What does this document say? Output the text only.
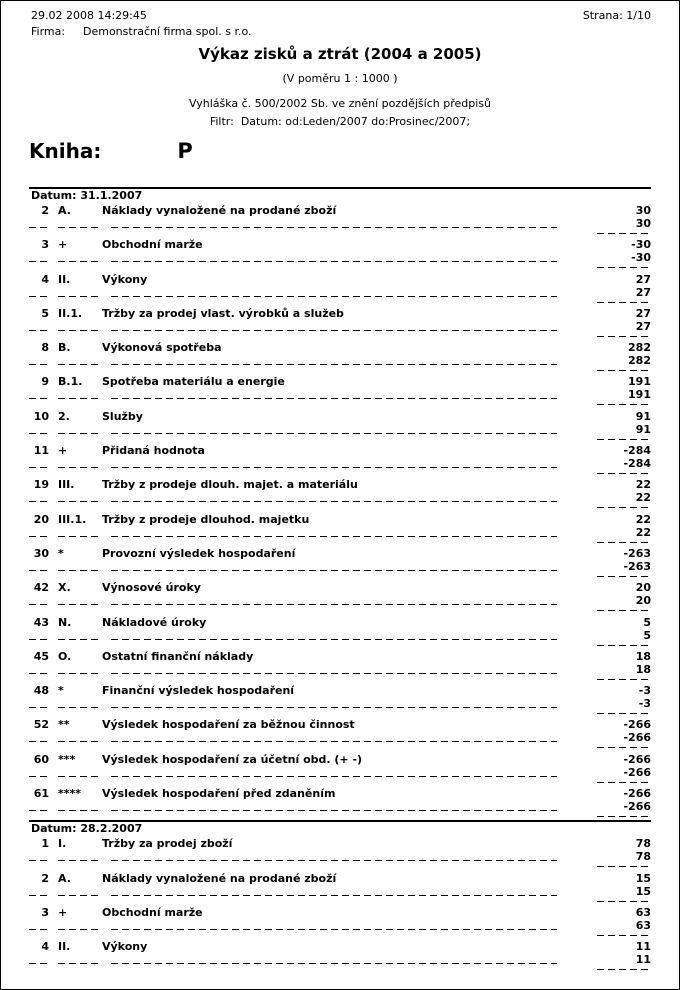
29.02 2008 14:29:45	Strana: 1/10
Firma:	Demonstrační firma spol. s r.o.
Výkaz zisků a ztrát (2004 a 2005)
(V poměru 1 : 1000 )
Vyhláška č. 500/2002 Sb. ve znění pozdějších předpisů
Filtr:  Datum: od:Leden/2007 do:Prosinec/2007;
Kniha:	P
Datum: 31.1.2007
2 A.	Náklady vynaložené na prodané zboží	30
30
3 +	Obchodní marže	-30
-30
4 II.	Výkony	27
27
5 II.1.	Tržby za prodej vlast. výrobků a služeb	27
27
8 B.	Výkonová spotřeba	282
282
9 B.1.	Spotřeba materiálu a energie	191
191
10 2.	Služby	91
91
11 +	Přidaná hodnota	-284
-284
19 III.	Tržby z prodeje dlouh. majet. a materiálu	22
22
20 III.1.	Tržby z prodeje dlouhod. majetku	22
22
30 *	Provozní výsledek hospodaření	-263
-263
42 X.	Výnosové úroky	20
20
43 N.	Nákladové úroky	5
5
45 O.	Ostatní finanční náklady	18
18
48 *	Finanční výsledek hospodaření	-3
-3
52 **	Výsledek hospodaření za běžnou činnost	-266
-266
60 ***	Výsledek hospodaření za účetní obd. (+ -)	-266
-266
61 ****	Výsledek hospodaření před zdaněním	-266
-266
Datum: 28.2.2007
1 I.	Tržby za prodej zboží	78
78
2 A.	Náklady vynaložené na prodané zboží	15
15
3 +	Obchodní marže	63
63
4 II.	Výkony	11
11
